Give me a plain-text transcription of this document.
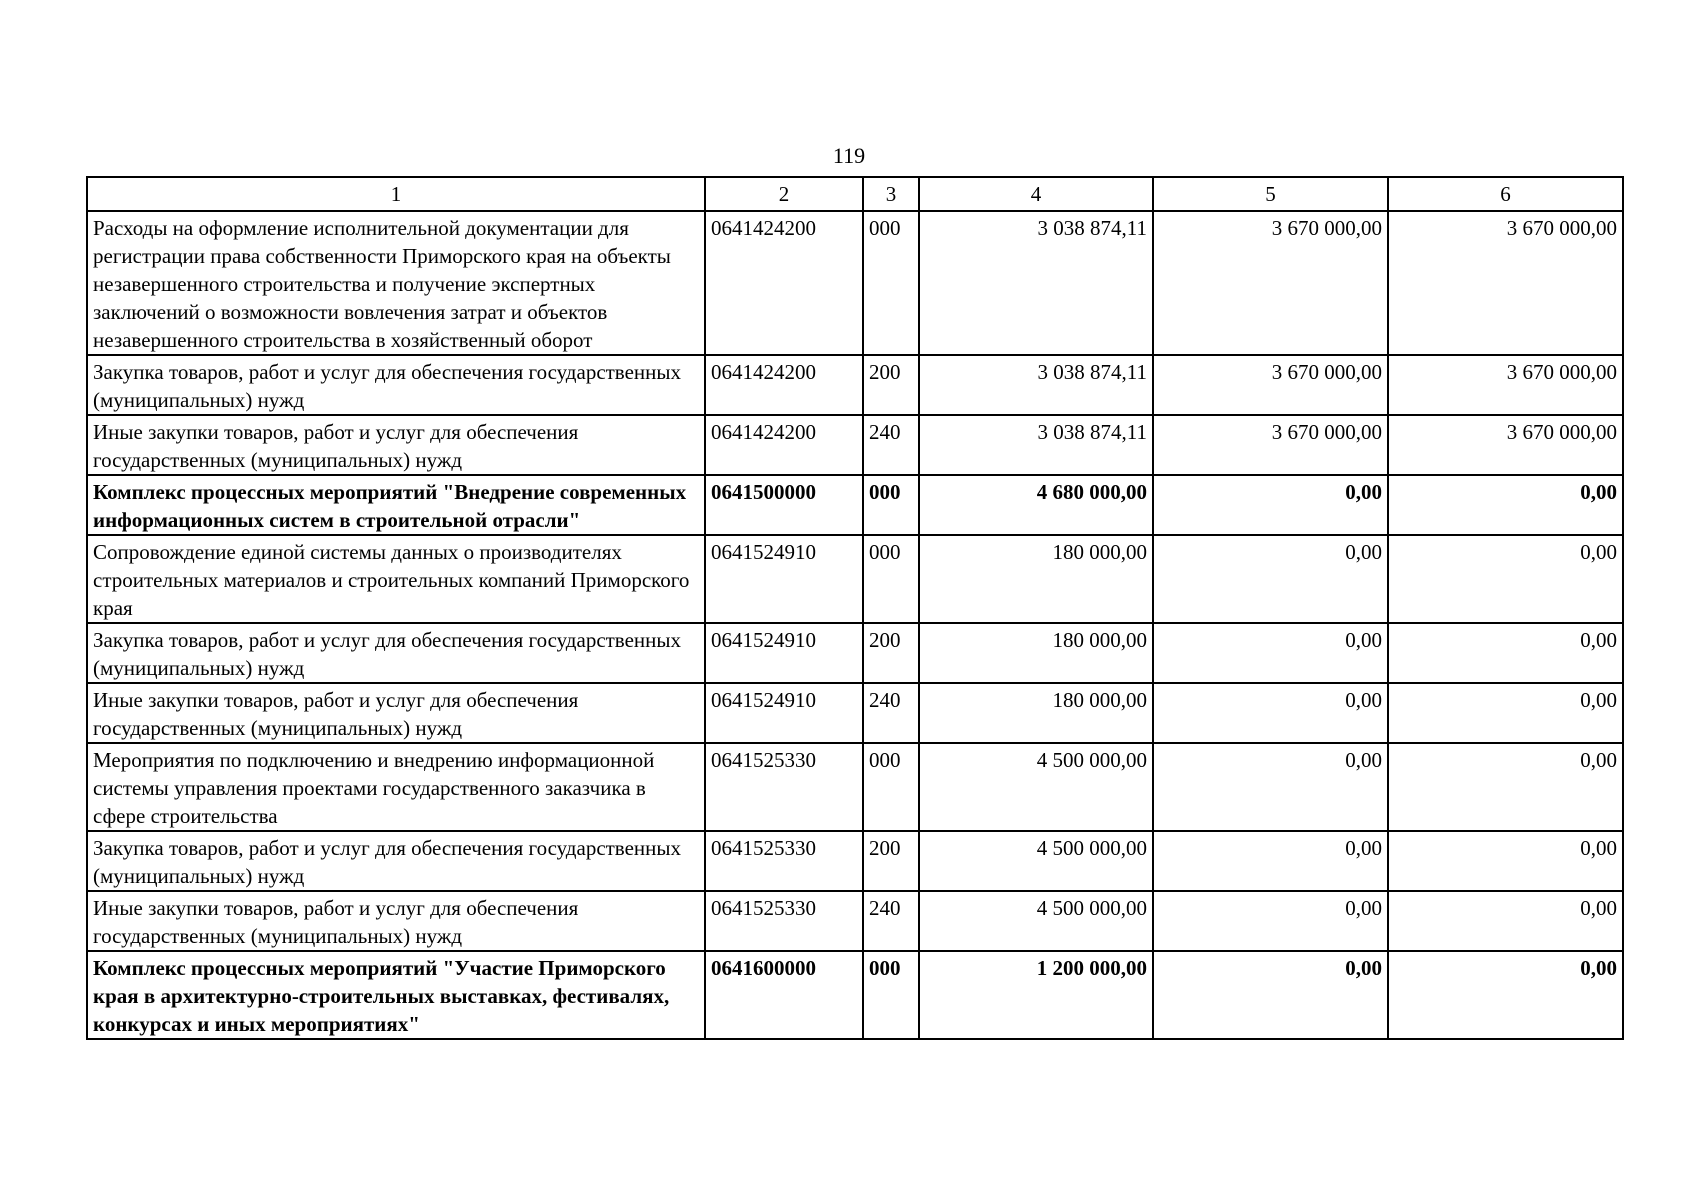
119
1	2	3	4	5	6
Расходы на оформление исполнительной документации для регистрации права собственности Приморского края на объекты незавершенного строительства и получение экспертных заключений о возможности вовлечения затрат и объектов незавершенного строительства в хозяйственный оборот	0641424200	000	3 038 874,11	3 670 000,00	3 670 000,00
Закупка товаров, работ и услуг для обеспечения государственных (муниципальных) нужд	0641424200	200	3 038 874,11	3 670 000,00	3 670 000,00
Иные закупки товаров, работ и услуг для обеспечения государственных (муниципальных) нужд	0641424200	240	3 038 874,11	3 670 000,00	3 670 000,00
Комплекс процессных мероприятий "Внедрение современных информационных систем в строительной отрасли"	0641500000	000	4 680 000,00	0,00	0,00
Сопровождение единой системы данных о производителях строительных материалов и строительных компаний Приморского края	0641524910	000	180 000,00	0,00	0,00
Закупка товаров, работ и услуг для обеспечения государственных (муниципальных) нужд	0641524910	200	180 000,00	0,00	0,00
Иные закупки товаров, работ и услуг для обеспечения государственных (муниципальных) нужд	0641524910	240	180 000,00	0,00	0,00
Мероприятия по подключению и внедрению информационной системы управления проектами государственного заказчика в сфере строительства	0641525330	000	4 500 000,00	0,00	0,00
Закупка товаров, работ и услуг для обеспечения государственных (муниципальных) нужд	0641525330	200	4 500 000,00	0,00	0,00
Иные закупки товаров, работ и услуг для обеспечения государственных (муниципальных) нужд	0641525330	240	4 500 000,00	0,00	0,00
Комплекс процессных мероприятий "Участие Приморского края в архитектурно-строительных выставках, фестивалях, конкурсах и иных мероприятиях"	0641600000	000	1 200 000,00	0,00	0,00
